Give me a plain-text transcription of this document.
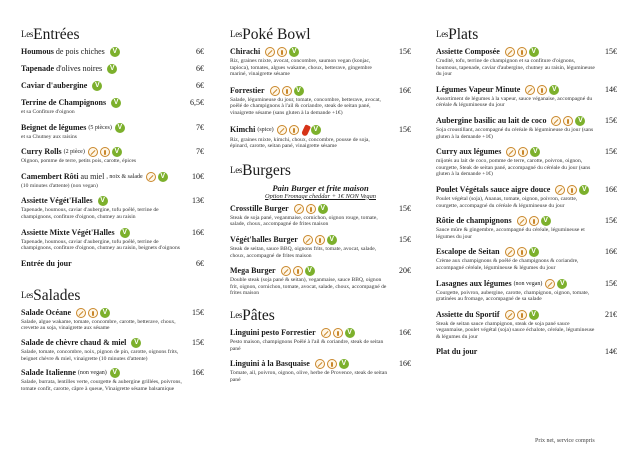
$^{Les}$Entrées
Houmous de pois chiches V	6€
Tapenade d'olives noires V	6€
Caviar d'aubergine V	6€
Terrine de Champignons V	6,5€
et sa Confiture d'oignon
Beignet de légumes (5 pièces) V	7€
et sa Chutney aux raisins
Curry Rolls (2 pièce) V	7€
Oignon, pomme de terre, petits pois, carotte, épices
Camembert Rôti au miel , noix & salade V	10€
(10 minutes d'attente) (non vegan)
Assiette Végét'Halles V	13€
Tapenade, houmous, caviar d'aubergine, tofu poêlé, terrine de champignons, confiture d'oignon, chutney au raisin
Assiette Mixte Végét'Halles V	16€
Tapenade, houmous, caviar d'aubergine, tofu poêlé, terrine de champignons, confiture d'oignon, chutney au raisin, beignets d'oignons
Entrée du jour	6€
$^{Les}$Salades
Salade Océane V	15€
Salade, algue wakame, tomate, concombre, carotte, betterave, choux, crevette au soja, vinaigrette aux sésame
Salade de chèvre chaud & miel V	15€
Salade, tomate, concombre, noix, pignon de pin, carotte, oignons frits, beignet chèvre & miel, vinaigrette (10 minutes d'attente)
Salade Italienne (non vegan) V	16€
Salade, burrata, lentilles verte, courgette & aubergine grillées, poivrons, tomate confit, carotte, câpre à queue, Vinaigrette sésame balsamique
$^{Les}$Poké Bowl
Chirachi V	15€
Riz, graines mixte, avocat, concombre, saumon vegan (konjac, tapioca), tomates, algues wakame, choux, betterave, gingembre mariné, vinaigrette sésame
Forrestier V	16€
Salade, légumineuse du jour, tomate, concombre, betterave, avocat, poêlé de champignons à l'ail & coriandre, steak de seitan pané, vinaigrette sésame (sans gluten à la demande +1€)
Kimchi (spice) V	15€
Riz, graines mixte, kimchi, choux, concombre, pousse de soja, épinard, carotte, seitan pané, vinaigrette sésame
$^{Les}$Burgers
Pain Burger et frite maison
Option Fromage cheddar + 1€ NON Vegan
Crosstille Burger V	15€
Steak de soja pané, veganmaise, cornichon, oignon rouge, tomate, salade, choux, accompagné de frites maison
Végét'halles Burger V	15€
Steak de seitan, sauce BBQ, oignons frits, tomate, avocat, salade, choux, accompagné de frites maison
Mega Burger V	20€
Double steak (soja pané & seitan), veganmaise, sauce BBQ, oignon frit, oignon, cornichon, tomate, avocat, salade, choux, accompagné de frites maison
$^{Les}$Pâtes
Linguini pesto Forrestier V	16€
Pesto maison, champignons Poêlé à l'ail & coriandre, steak de seitan pané
Linguini à la Basquaise V	16€
Tomate, ail, poivron, oignon, olive, herbe de Provence, steak de seitan pané
$^{Les}$Plats
Assiette Composée V	15€
Crudité, tofu, terrine de champignon et sa confiture d'oignons, houmous, tapenade, caviar d'aubergine, chutney au raisin, légumineuse du jour
Légumes Vapeur Minute V	14€
Assortiment de légumes à la vapeur, sauce véganaise, accompagné du céréale & légumineuse du jour
Aubergine basilic au lait de coco V	15€
Soja croustillant, accompagné du céréale & légumineuse du jour (sans gluten à la demande +1€)
Curry aux légumes V	15€
mijotés au lait de coco, pomme de terre, carotte, poivron, oignon, courgette, Steak de seitan pané, accompagné du céréale du jour (sans gluten à la demande +1€)
Poulet Végétals sauce aigre douce V	16€
Poulet végétal (soja), Ananas, tomate, oignon, poivron, carotte, courgette, accompagné du céréale & légumineuse du jour
Rôtie de champignons V	15€
Sauce mûre & gingembre, accompagné du céréale, légumineuse et légumes du jour
Escalope de Seitan V	16€
Crème aux champignons & poêlé de champignons & coriandre, accompagné céréale, légumineuse & légumes du jour
Lasagnes aux légumes (non vegan) V	15€
Courgette, poivron, aubergine, carotte, champignon, oignon, tomate, gratinées au fromage, accompagné de sa salade
Assiette du Sportif V	21€
Steak de seitan sauce champignon, steak de soja pané sauce veganmaise, poulet végétal (soja) sauce échalote, céréale, légumineuse & légumes du jour
Plat du jour	14€
Prix net, service compris
